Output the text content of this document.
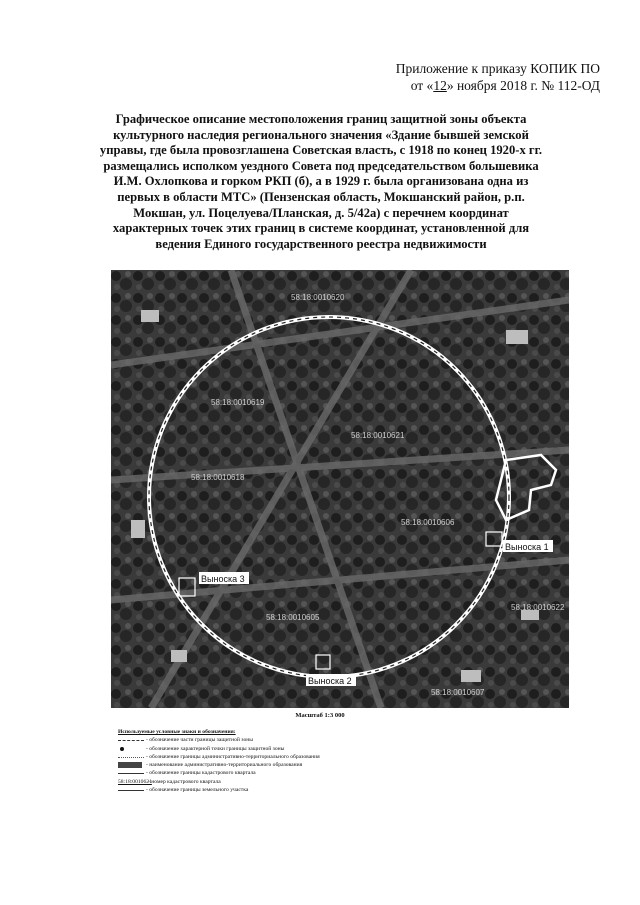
Приложение к приказу КОПИК ПО
от «12» ноября 2018 г. № 112-ОД
Графическое описание местоположения границ защитной зоны объекта
культурного наследия регионального значения «Здание бывшей земской
управы, где была провозглашена Советская власть, с 1918 по конец 1920-х гг.
размещались исполком уездного Совета под председательством большевика
И.М. Охлопкова и горком РКП (б), а в 1929 г. была организована одна из
первых в области МТС» (Пензенская область, Мокшанский район, р.п.
Мокшан, ул. Поцелуева/Планская, д. 5/42а) с перечнем координат
характерных точек этих границ в системе координат, установленной для
ведения Единого государственного реестра недвижимости
58:18:0010620
58:18:0010619
58:18:0010621
58:18:0010618
58:18:0010606
58:18:0010605
58:18:0010607
58:18:0010622
Выноска 1
Выноска 2
Выноска 3
Масштаб 1:3 000
Используемые условные знаки и обозначения:
- обозначение части границы защитной зоны
- обозначение характерной точки границы защитной зоны
- обозначение границы административно-территориального образования
- наименование административно-территориального образования
- обозначение границы кадастрового квартала
58:18:0010621
- номер кадастрового квартала
- обозначение границы земельного участка
